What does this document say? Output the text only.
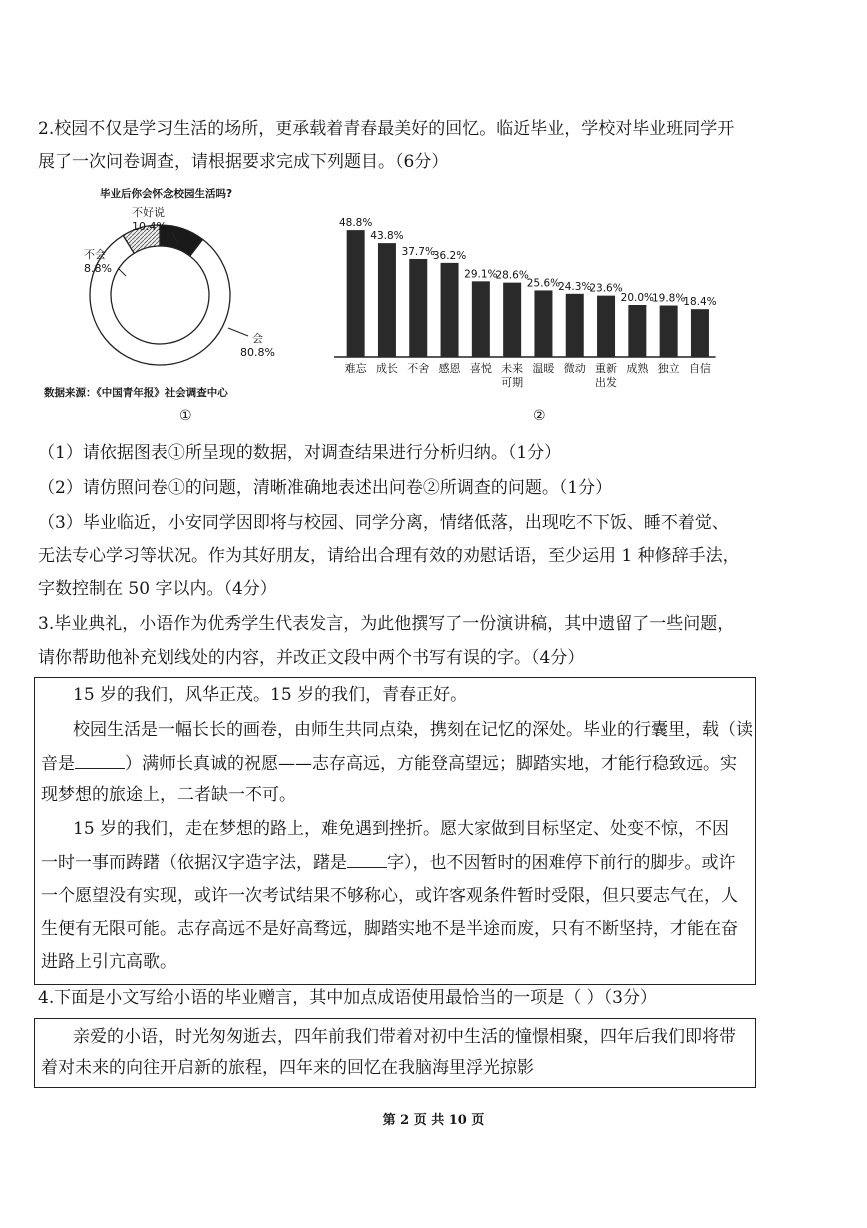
2.校园不仅是学习生活的场所，更承载着青春最美好的回忆。临近毕业，学校对毕业班同学开
展了一次问卷调查，请根据要求完成下列题目。（6分）
毕业后你会怀念校园生活吗?
不好说
10.4%
不会
8.8%
会
80.8%
数据来源：《中国青年报》社会调查中心
①
48.8%
难忘
43.8%
成长
37.7%
不舍
36.2%
感恩
29.1%
喜悦
28.6%
未来
可期
25.6%
温暖
24.3%
微动
23.6%
重新
出发
20.0%
成熟
19.8%
独立
18.4%
自信
②
（1）请依据图表①所呈现的数据，对调查结果进行分析归纳。（1分）
（2）请仿照问卷①的问题，清晰准确地表述出问卷②所调查的问题。（1分）
（3）毕业临近，小安同学因即将与校园、同学分离，情绪低落，出现吃不下饭、睡不着觉、
无法专心学习等状况。作为其好朋友，请给出合理有效的劝慰话语，至少运用 1 种修辞手法，
字数控制在 50 字以内。（4分）
3.毕业典礼，小语作为优秀学生代表发言，为此他撰写了一份演讲稿，其中遗留了一些问题，
请你帮助他补充划线处的内容，并改正文段中两个书写有误的字。（4分）
15 岁的我们，风华正茂。15 岁的我们，青春正好。
校园生活是一幅长长的画卷，由师生共同点染，携刻在记忆的深处。毕业的行囊里，载（读
音是	）满师长真诚的祝愿——志存高远，方能登高望远；脚踏实地，才能行稳致远。实
现梦想的旅途上，二者缺一不可。
15 岁的我们，走在梦想的路上，难免遇到挫折。愿大家做到目标坚定、处变不惊，不因
一时一事而踌躇（依据汉字造字法，躇是 字），也不因暂时的困难停下前行的脚步。或许
一个愿望没有实现，或许一次考试结果不够称心，或许客观条件暂时受限，但只要志气在，人
生便有无限可能。志存高远不是好高骛远，脚踏实地不是半途而废，只有不断坚持，才能在奋
进路上引亢高歌。
4.下面是小文写给小语的毕业赠言，其中加点成语使用最恰当的一项是（ ）（3分）
亲爱的小语，时光匆匆逝去，四年前我们带着对初中生活的憧憬相聚，四年后我们即将带
着对未来的向往开启新的旅程，四年来的回忆在我脑海里浮光掠影
第 2 页 共 10 页
